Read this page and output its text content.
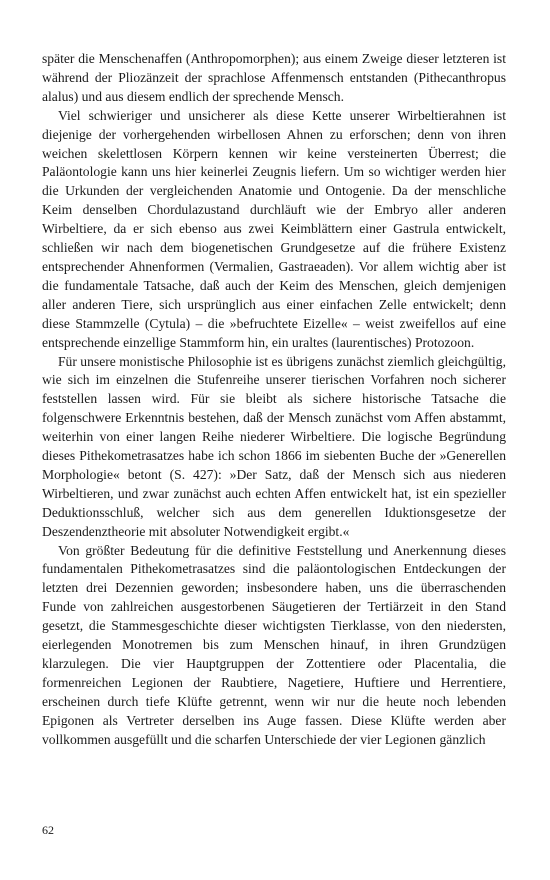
später die Menschenaffen (Anthropomorphen); aus einem Zweige dieser letzteren ist während der Pliozänzeit der sprachlose Affenmensch entstanden (Pithecanthropus alalus) und aus diesem endlich der sprechende Mensch.

Viel schwieriger und unsicherer als diese Kette unserer Wirbeltierahnen ist diejenige der vorhergehenden wirbellosen Ahnen zu erforschen; denn von ihren weichen skelettlosen Körpern kennen wir keine versteinerten Überrest; die Paläontologie kann uns hier keinerlei Zeugnis liefern. Um so wichtiger werden hier die Urkunden der vergleichenden Anatomie und Ontogenie. Da der menschliche Keim denselben Chordulazustand durchläuft wie der Embryo aller anderen Wirbeltiere, da er sich ebenso aus zwei Keimblättern einer Gastrula entwickelt, schließen wir nach dem biogenetischen Grundgesetze auf die frühere Existenz entsprechender Ahnenformen (Vermalien, Gastraeaden). Vor allem wichtig aber ist die fundamentale Tatsache, daß auch der Keim des Menschen, gleich demjenigen aller anderen Tiere, sich ursprünglich aus einer einfachen Zelle entwickelt; denn diese Stammzelle (Cytula) – die »befruchtete Eizelle« – weist zweifellos auf eine entsprechende einzellige Stammform hin, ein uraltes (laurentisches) Protozoon.

Für unsere monistische Philosophie ist es übrigens zunächst ziemlich gleichgültig, wie sich im einzelnen die Stufenreihe unserer tierischen Vorfahren noch sicherer feststellen lassen wird. Für sie bleibt als sichere historische Tatsache die folgenschwere Erkenntnis bestehen, daß der Mensch zunächst vom Affen abstammt, weiterhin von einer langen Reihe niederer Wirbeltiere. Die logische Begründung dieses Pithekometrasatzes habe ich schon 1866 im siebenten Buche der »Generellen Morphologie« betont (S. 427): »Der Satz, daß der Mensch sich aus niederen Wirbeltieren, und zwar zunächst auch echten Affen entwickelt hat, ist ein spezieller Deduktionsschluß, welcher sich aus dem generellen Iduktionsgesetze der Deszendenztheorie mit absoluter Notwendigkeit ergibt.«

Von größter Bedeutung für die definitive Feststellung und Anerkennung dieses fundamentalen Pithekometrasatzes sind die paläontologischen Entdeckungen der letzten drei Dezennien geworden; insbesondere haben, uns die überraschenden Funde von zahlreichen ausgestorbenen Säugetieren der Tertiärzeit in den Stand gesetzt, die Stammesgeschichte dieser wichtigsten Tierklasse, von den niedersten, eierlegenden Monotremen bis zum Menschen hinauf, in ihren Grundzügen klarzulegen. Die vier Hauptgruppen der Zottentiere oder Placentalia, die formenreichen Legionen der Raubtiere, Nagetiere, Huftiere und Herrentiere, erscheinen durch tiefe Klüfte getrennt, wenn wir nur die heute noch lebenden Epigonen als Vertreter derselben ins Auge fassen. Diese Klüfte werden aber vollkommen ausgefüllt und die scharfen Unterschiede der vier Legionen gänzlich

62
